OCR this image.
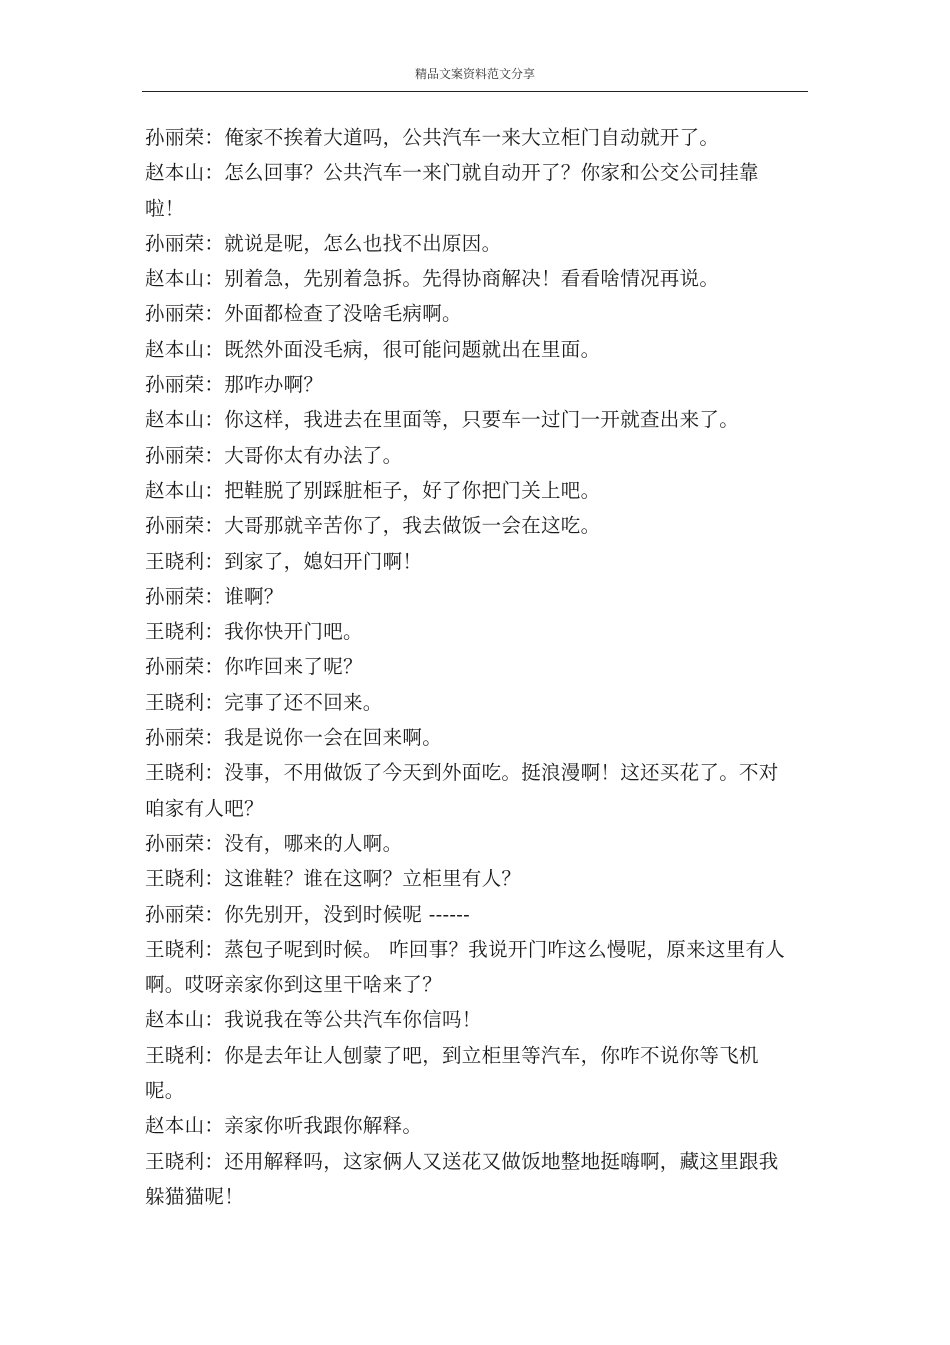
精品文案资料范文分享

孙丽荣：俺家不挨着大道吗，公共汽车一来大立柜门自动就开了。

赵本山：怎么回事？公共汽车一来门就自动开了？你家和公交公司挂靠啦！

孙丽荣：就说是呢，怎么也找不出原因。

赵本山：别着急，先别着急拆。先得协商解决！看看啥情况再说。

孙丽荣：外面都检查了没啥毛病啊。

赵本山：既然外面没毛病，很可能问题就出在里面。

孙丽荣：那咋办啊？

赵本山：你这样，我进去在里面等，只要车一过门一开就查出来了。

孙丽荣：大哥你太有办法了。

赵本山：把鞋脱了别踩脏柜子，好了你把门关上吧。

孙丽荣：大哥那就辛苦你了，我去做饭一会在这吃。

王晓利：到家了，媳妇开门啊！

孙丽荣：谁啊？

王晓利：我你快开门吧。

孙丽荣：你咋回来了呢？

王晓利：完事了还不回来。

孙丽荣：我是说你一会在回来啊。

王晓利：没事，不用做饭了今天到外面吃。挺浪漫啊！这还买花了。不对咱家有人吧？

孙丽荣：没有，哪来的人啊。

王晓利：这谁鞋？谁在这啊？立柜里有人？

孙丽荣：你先别开，没到时候呢 ------

王晓利：蒸包子呢到时候。 咋回事？我说开门咋这么慢呢，原来这里有人啊。哎呀亲家你到这里干啥来了？

赵本山：我说我在等公共汽车你信吗！

王晓利：你是去年让人刨蒙了吧，到立柜里等汽车，你咋不说你等飞机呢。

赵本山：亲家你听我跟你解释。

王晓利：还用解释吗，这家俩人又送花又做饭地整地挺嗨啊，藏这里跟我躲猫猫呢！
